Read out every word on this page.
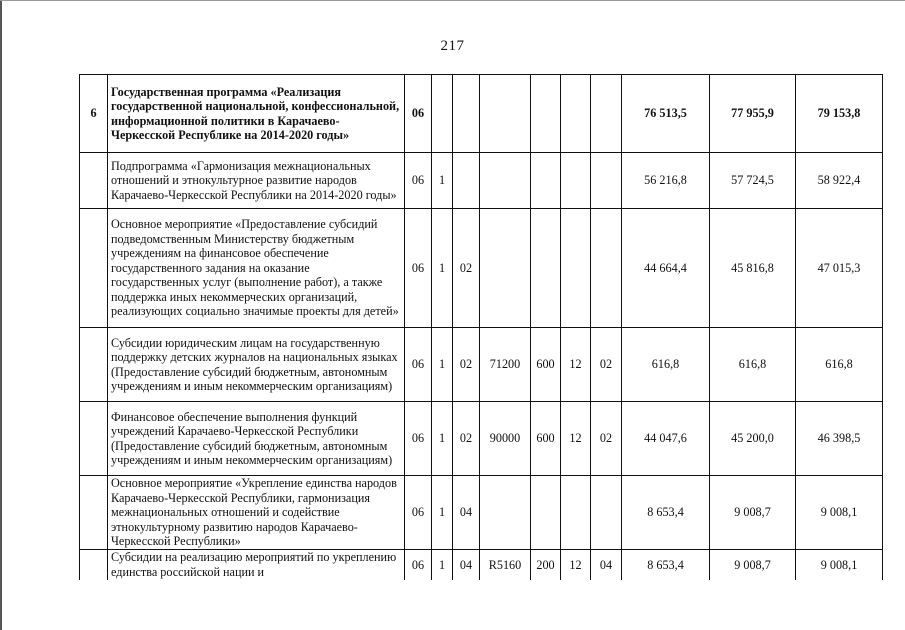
217
6	Государственная программа «Реализация государственной национальной, конфессиональной, информационной политики в Карачаево-Черкесской Республике на 2014-2020 годы»	06							76 513,5	77 955,9	79 153,8
	Подпрограмма «Гармонизация межнациональных отношений и этнокультурное развитие народов Карачаево-Черкесской Республики на 2014-2020 годы»	06	1						56 216,8	57 724,5	58 922,4
	Основное мероприятие «Предоставление субсидий подведомственным Министерству бюджетным учреждениям на финансовое обеспечение государственного задания на оказание государственных услуг (выполнение работ), а также поддержка иных некоммерческих организаций, реализующих социально значимые проекты для детей»	06	1	02					44 664,4	45 816,8	47 015,3
	Субсидии юридическим лицам на государственную поддержку детских журналов на национальных языках (Предоставление субсидий бюджетным, автономным учреждениям и иным некоммерческим организациям)	06	1	02	71200	600	12	02	616,8	616,8	616,8
	Финансовое обеспечение выполнения функций учреждений Карачаево-Черкесской Республики (Предоставление субсидий бюджетным, автономным учреждениям и иным некоммерческим организациям)	06	1	02	90000	600	12	02	44 047,6	45 200,0	46 398,5
	Основное мероприятие «Укрепление единства народов Карачаево-Черкесской Республики, гармонизация межнациональных отношений и содействие этнокультурному развитию народов Карачаево-Черкесской Республики»	06	1	04					8 653,4	9 008,7	9 008,1
	Субсидии на реализацию мероприятий по укреплению единства российской нации и	06	1	04	R5160	200	12	04	8 653,4	9 008,7	9 008,1
